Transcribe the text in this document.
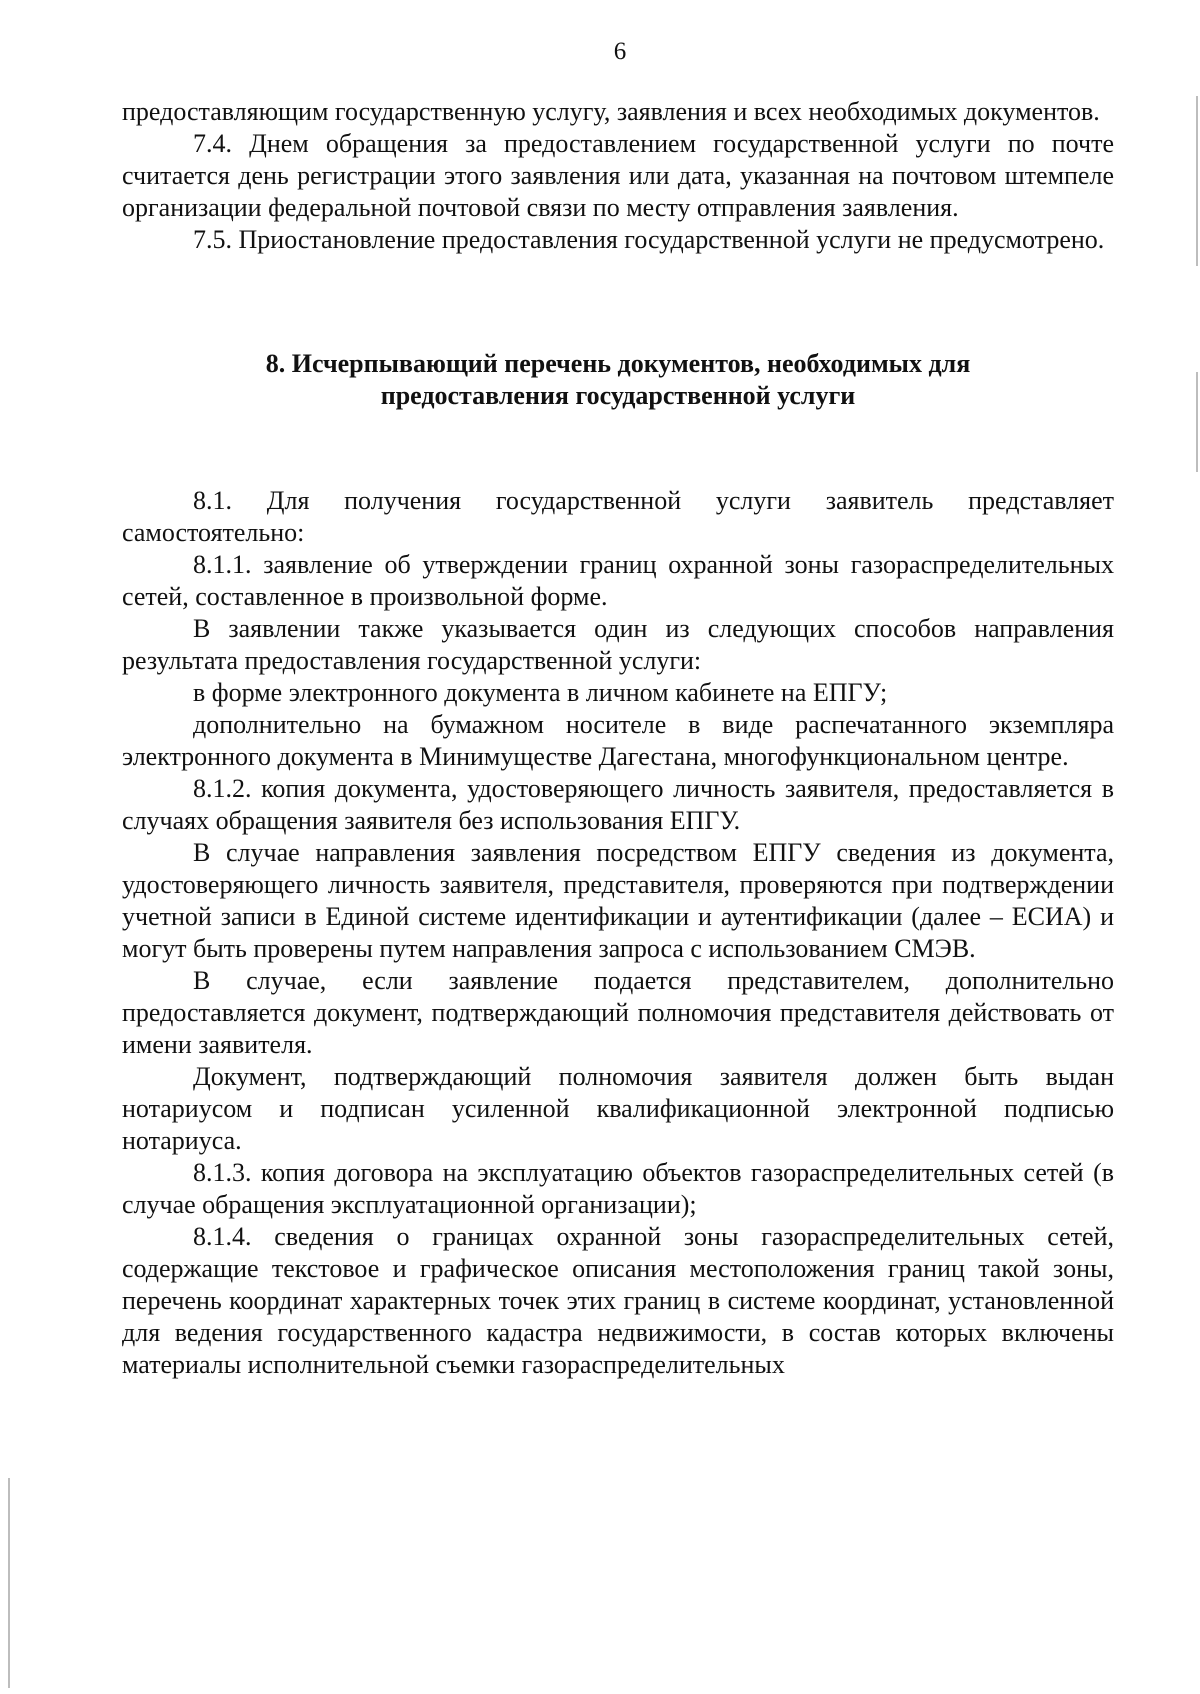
6

предоставляющим государственную услугу, заявления и всех необходимых документов.

7.4. Днем обращения за предоставлением государственной услуги по почте считается день регистрации этого заявления или дата, указанная на почтовом штемпеле организации федеральной почтовой связи по месту отправления заявления.

7.5. Приостановление предоставления государственной услуги не предусмотрено.

8. Исчерпывающий перечень документов, необходимых для
предоставления государственной услуги

8.1. Для получения государственной услуги заявитель представляет самостоятельно:

8.1.1. заявление об утверждении границ охранной зоны газораспределительных сетей, составленное в произвольной форме.

В заявлении также указывается один из следующих способов направления результата предоставления государственной услуги:

в форме электронного документа в личном кабинете на ЕПГУ;

дополнительно на бумажном носителе в виде распечатанного экземпляра электронного документа в Минимуществе Дагестана, многофункциональном центре.

8.1.2. копия документа, удостоверяющего личность заявителя, предоставляется в случаях обращения заявителя без использования ЕПГУ.

В случае направления заявления посредством ЕПГУ сведения из документа, удостоверяющего личность заявителя, представителя, проверяются при подтверждении учетной записи в Единой системе идентификации и аутентификации (далее – ЕСИА) и могут быть проверены путем направления запроса с использованием СМЭВ.

В случае, если заявление подается представителем, дополнительно предоставляется документ, подтверждающий полномочия представителя действовать от имени заявителя.

Документ, подтверждающий полномочия заявителя должен быть выдан нотариусом и подписан усиленной квалификационной электронной подписью нотариуса.

8.1.3. копия договора на эксплуатацию объектов газораспределительных сетей (в случае обращения эксплуатационной организации);

8.1.4. сведения о границах охранной зоны газораспределительных сетей, содержащие текстовое и графическое описания местоположения границ такой зоны, перечень координат характерных точек этих границ в системе координат, установленной для ведения государственного кадастра недвижимости, в состав которых включены материалы исполнительной съемки газораспределительных
